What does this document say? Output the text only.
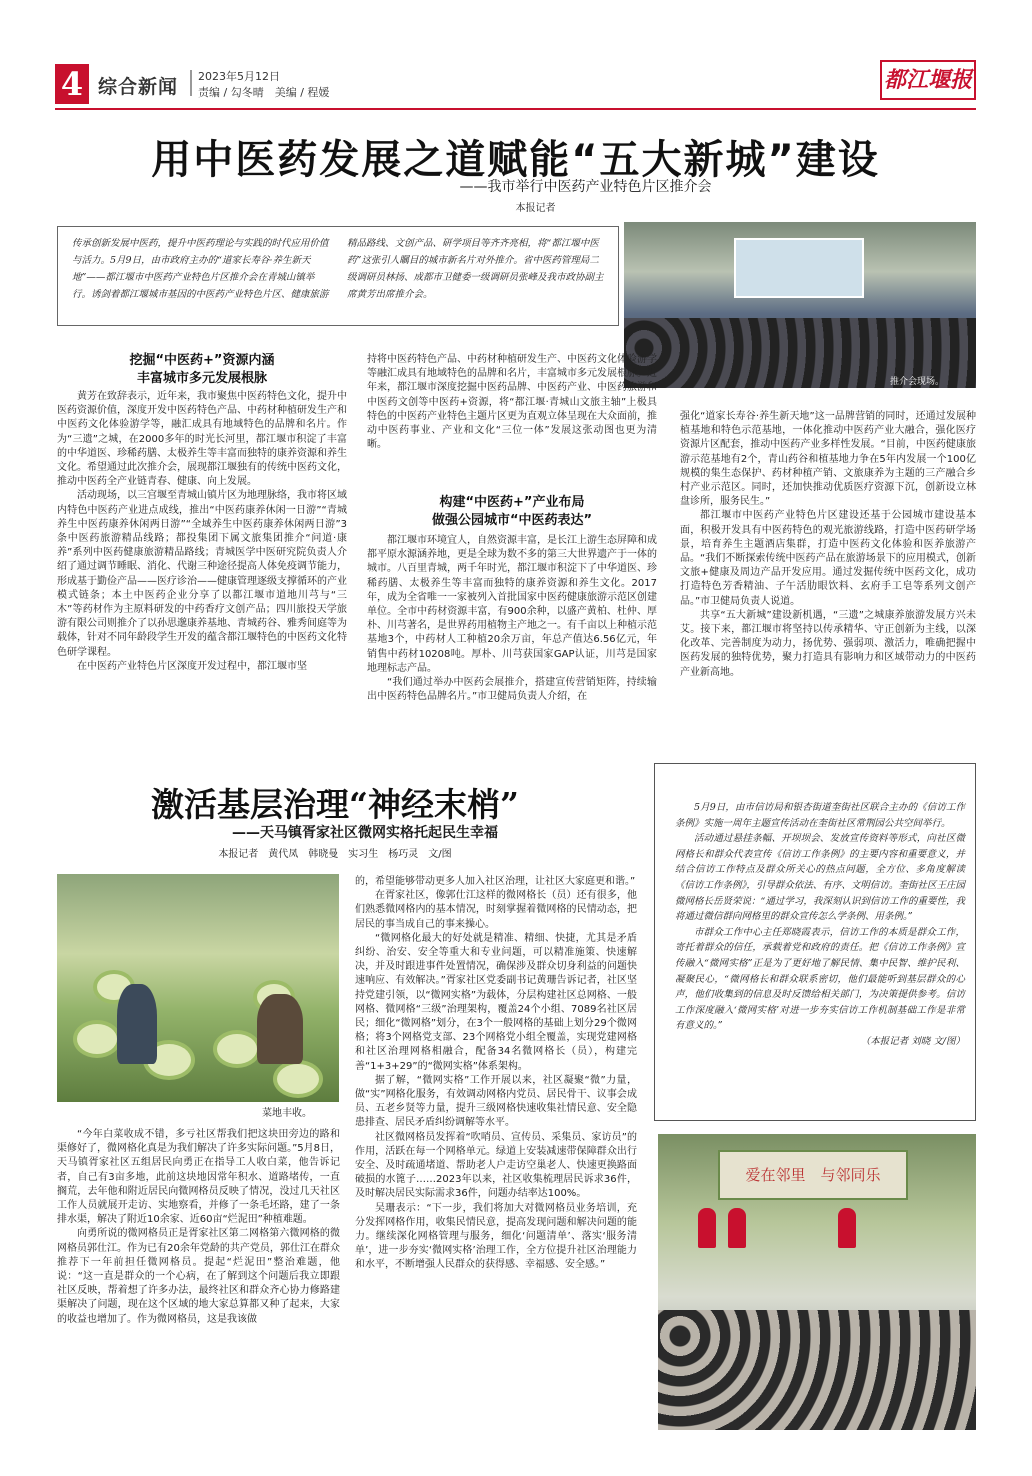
4 综合新闻 2023年5月12日
责编 / 勾冬晴　美编 / 程媛	都江堰报
用中医药发展之道赋能“五大新城”建设
——我市举行中医药产业特色片区推介会
本报记者
传承创新发展中医药，提升中医药理论与实践的时代应用价值与活力。5月9日，由市政府主办的“道家长寿谷·养生新天地”——都江堰市中医药产业特色片区推介会在青城山镇举行。诱剑着都江堰城市基因的中医药产业特色片区、健康旅游精品路线、文创产品、研学项目等齐齐亮相，将“都江堰中医药”这张引人瞩目的城市新名片对外推介。省中医药管理局二级调研员林扬、成都市卫健委一级调研员张峰及我市政协副主席黄芳出席推介会。
推介会现场。
挖掘“中医药+”资源内涵
丰富城市多元发展根脉

黄芳在致辞表示，近年来，我市聚焦中医药特色文化，提升中医药资源价值，深度开发中医药特色产品、中药材种植研发生产和中医药文化体验游学等，融汇成具有地域特色的品牌和名片。作为“三遗”之城，在2000多年的时光长河里，都江堰市积淀了丰富的中华道医、珍稀药膳、太极养生等丰富而独特的康养资源和养生文化。希望通过此次推介会，展现都江堰独有的传统中医药文化，推动中医药全产业链青春、健康、向上发展。

活动现场，以三宫堰至青城山镇片区为地理脉络，我市将区域内特色中医药产业进点成线，推出“中医药康养休闲一日游”“青城养生中医药康养休闲两日游”“全域养生中医药康养休闲两日游”3条中医药旅游精品线路；都投集团下属文旅集团推介“问道·康养”系列中医药健康旅游精品路线；青城医学中医研究院负责人介绍了通过调节睡眠、消化、代谢三种途径提高人体免疫调节能力，形成基于勤俭产品——医疗诊治——健康管理逐级支撑循环的产业模式链条；本土中医药企业分享了以都江堰市道地川芎与“三木”等药材作为主原料研发的中药香疗文创产品；四川旅投天学旅游有限公司则推介了以孙思邈康养基地、青城药谷、雅秀间庭等为载体，针对不同年龄段学生开发的蕴含都江堰特色的中医药文化特色研学课程。

在中医药产业特色片区深度开发过程中，都江堰市坚

持将中医药特色产品、中药材种植研发生产、中医药文化体验游学等融汇成具有地域特色的品牌和名片，丰富城市多元发展根脉。近年来，都江堰市深度挖掘中医药品牌、中医药产业、中医药旅游和中医药文创等中医药+资源，将“都江堰·青城山文旅主轴”上极具特色的中医药产业特色主题片区更为直观立体呈现在大众面前，推动中医药事业、产业和文化“三位一体”发展这张动图也更为清晰。

构建“中医药+”产业布局
做强公园城市“中医药表达”

都江堰市环境宜人，自然资源丰富，是长江上游生态屏障和成都平原水源涵养地，更是全球为数不多的第三大世界遗产于一体的城市。八百里青城，两千年时光，都江堰市积淀下了中华道医、珍稀药膳、太极养生等丰富而独特的康养资源和养生文化。2017年，成为全省唯一一家被列入首批国家中医药健康旅游示范区创建单位。全市中药材资源丰富，有900余种，以盛产黄柏、杜仲、厚朴、川芎著名，是世界药用植物主产地之一。有千亩以上种植示范基地3个，中药材人工种植20余万亩，年总产值达6.56亿元，年销售中药材10208吨。厚朴、川芎获国家GAP认证，川芎是国家地理标志产品。

“我们通过举办中医药会展推介，搭建宣传营销矩阵，持续输出中医药特色品牌名片。”市卫健局负责人介绍，在

强化“道家长寿谷·养生新天地”这一品牌营销的同时，还通过发展种植基地和特色示范基地，一体化推动中医药产业大融合，强化医疗资源片区配套，推动中医药产业多样性发展。“目前，中医药健康旅游示范基地有2个，青山药谷和植基地力争在5年内发展一个100亿规模的集生态保护、药材种植产销、文旅康养为主题的三产融合乡村产业示范区。同时，还加快推动优质医疗资源下沉，创新设立林盘诊所，服务民生。”

都江堰市中医药产业特色片区建设还基于公园城市建设基本面，积极开发具有中医药特色的观光旅游线路，打造中医药研学场景，培育养生主题酒店集群，打造中医药文化体验和医养旅游产品。“我们不断探索传统中医药产品在旅游场景下的应用模式，创新文旅+健康及周边产品开发应用。通过发掘传统中医药文化，成功打造特色芳香精油、子午活肋眼饮料、玄府手工皂等系列文创产品。”市卫健局负责人说道。

共享“五大新城”建设新机遇，“三遗”之城康养旅游发展方兴未艾。接下来，都江堰市将坚持以传承精华、守正创新为主线，以深化改革、完善制度为动力，扬优势、强弱项、激活力，唯确把握中医药发展的独特优势，聚力打造具有影响力和区域带动力的中医药产业新高地。

激活基层治理“神经末梢”
——天马镇胥家社区微网实格托起民生幸福
本报记者　黄代凤　韩晓曼　实习生　杨巧灵　文/图
菜地丰收。

“今年白菜收成不错，多亏社区帮我们把这块田旁边的路和渠修好了，微网格化真是为我们解决了许多实际问题。”5月8日，天马镇胥家社区五组居民向勇正在指导工人收白菜，他告诉记者，自己有3亩多地，此前这块地因常年积水、道路堵传，一直搁荒，去年他和附近居民向微网格员反映了情况，没过几天社区工作人员就展开走访、实地察看，并修了一条毛坯路，建了一条排水渠，解决了附近10余家、近60亩“烂泥田”种植难题。

向勇所说的微网格员正是胥家社区第二网格第六微网格的微网格员郭仕江。作为已有20余年党龄的共产党员，郭仕江在群众推荐下一年前担任微网格员。提起“烂泥田”整治难题，他说：“这一直是群众的一个心病，在了解到这个问题后我立即跟社区反映，帮着想了许多办法，最终社区和群众齐心协力修路建渠解决了问题，现在这个区域的地大家总算都又种了起来，大家的收益也增加了。作为微网格员，这是我该做

的，希望能够带动更多人加入社区治理，让社区大家庭更和谐。”

在胥家社区，像郭仕江这样的微网格长（员）还有很多，他们熟悉微网格内的基本情况，时刻掌握着微网格的民情动态，把居民的事当成自己的事来操心。

“微网格化最大的好处就是精准、精细、快捷，尤其是矛盾纠纷、治安、安全等重大和专业问题，可以精准施策、快速解决，并及时跟进事件处置情况，确保涉及群众切身利益的问题快速响应、有效解决。”胥家社区党委副书记黄珊告诉记者，社区坚持党建引领，以“微网实格”为载体，分层构建社区总网格、一般网格、微网格“三级”治理架构，覆盖24个小组、7089名社区居民；细化“微网格”划分，在3个一般网格的基础上划分29个微网格；将3个网格党支部、23个网格党小组全覆盖，实现党建网格和社区治理网格相融合，配备34名微网格长（员），构建完善“1+3+29”的“微网实格”体系架构。

据了解，“微网实格”工作开展以来，社区凝聚“微”力量，做“实”网格化服务，有效调动网格内党员、居民骨干、议事会成员、五老乡贤等力量，提升三级网格快速收集社情民意、安全隐患排查、居民矛盾纠纷调解等水平。

社区微网格员发挥着“吹哨员、宣传员、采集员、家访员”的作用，活跃在每一个网格单元。绿道上安装减速带保障群众出行安全、及时疏通堵道、帮助老人户走访空巢老人、快速更换路面破损的水篦子……2023年以来，社区收集梳理居民诉求36件，及时解决居民实际需求36件，问题办结率达100%。

吴珊表示：“下一步，我们将加大对微网格员业务培训，充分发挥网格作用，收集民情民意，提高发现问题和解决问题的能力。继续深化网格管理与服务，细化‘问题清单’、落实‘服务清单’，进一步夯实‘微网实格’治理工作，全方位提升社区治理能力和水平，不断增强人民群众的获得感、幸福感、安全感。”

5月9日，由市信访局和银杏街道奎街社区联合主办的《信访工作条例》实施一周年主题宣传活动在奎街社区常荆园公共空间举行。

活动通过悬挂条幅、开坝坝会、发放宣传资料等形式，向社区微网格长和群众代表宣传《信访工作条例》的主要内容和重要意义，并结合信访工作特点及群众所关心的热点问题，全方位、多角度解读《信访工作条例》，引导群众依法、有序、文明信访。奎街社区王庄园微网格长岳贤荣说：“通过学习，我深刻认识到信访工作的重要性，我将通过微信群向网格里的群众宣传怎么学条例、用条例。”

市群众工作中心主任郑晓霞表示，信访工作的本质是群众工作，寄托着群众的信任，承载着党和政府的责任。把《信访工作条例》宣传融入“微网实格”正是为了更好地了解民情、集中民智、维护民利、凝聚民心，“微网格长和群众联系密切，他们最能听到基层群众的心声，他们收集到的信息及时反馈给相关部门，为决策提供参考。信访工作深度融入‘微网实格’对进一步夯实信访工作机制基础工作是非常有意义的。”

（本报记者 刘晓 文/图）

爱在邻里　与邻同乐
